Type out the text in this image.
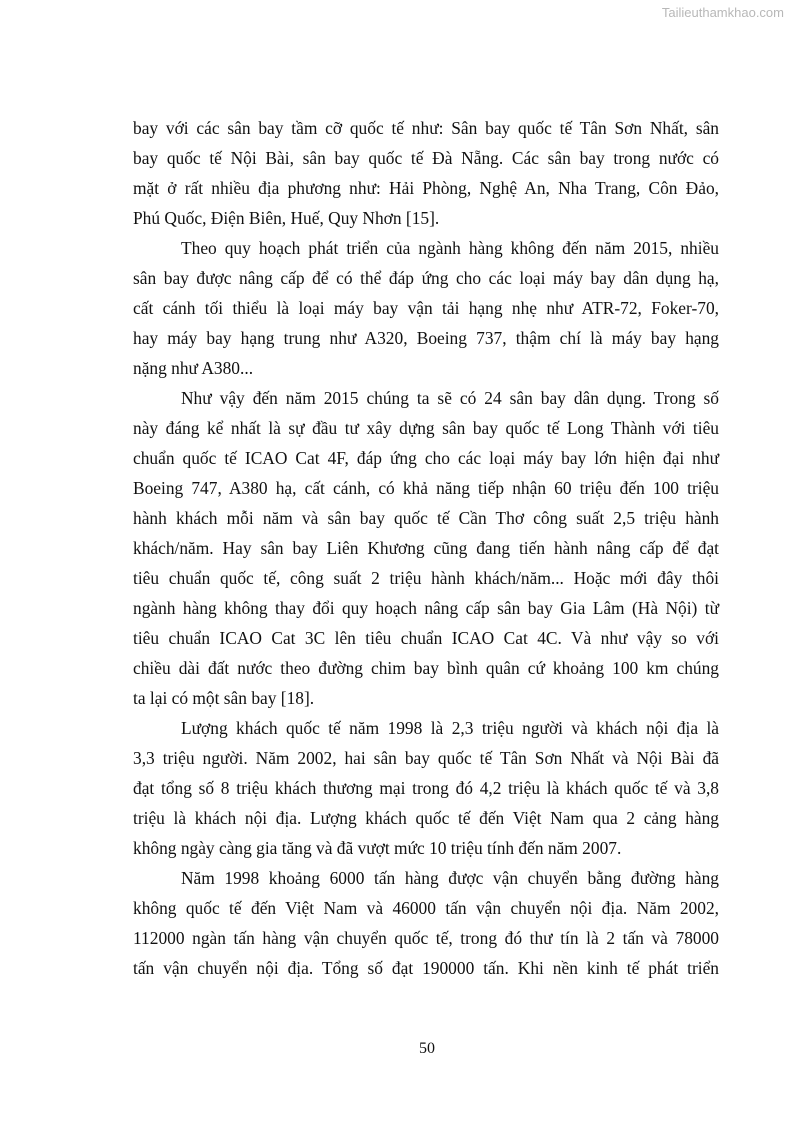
Tailieuthamkhao.com
bay với các sân bay tầm cỡ quốc tế như: Sân bay quốc tế Tân Sơn Nhất, sân
bay quốc tế Nội Bài, sân bay quốc tế Đà Nẵng. Các sân bay trong nước có
mặt ở rất nhiều địa phương như: Hải Phòng, Nghệ An, Nha Trang, Côn Đảo,
Phú Quốc, Điện Biên, Huế, Quy Nhơn [15].
Theo quy hoạch phát triển của ngành hàng không đến năm 2015, nhiều
sân bay được nâng cấp để có thể đáp ứng cho các loại máy bay dân dụng hạ,
cất cánh tối thiểu là loại máy bay vận tải hạng nhẹ như ATR-72, Foker-70,
hay máy bay hạng trung như A320, Boeing 737, thậm chí là máy bay hạng
nặng như A380...
Như vậy đến năm 2015 chúng ta sẽ có 24 sân bay dân dụng. Trong số
này đáng kể nhất là sự đầu tư xây dựng sân bay quốc tế Long Thành với tiêu
chuẩn quốc tế ICAO Cat 4F, đáp ứng cho các loại máy bay lớn hiện đại như
Boeing 747, A380 hạ, cất cánh, có khả năng tiếp nhận 60 triệu đến 100 triệu
hành khách mỗi năm và sân bay quốc tế Cần Thơ công suất 2,5 triệu hành
khách/năm. Hay sân bay Liên Khương cũng đang tiến hành nâng cấp để đạt
tiêu chuẩn quốc tế, công suất 2 triệu hành khách/năm... Hoặc mới đây thôi
ngành hàng không thay đổi quy hoạch nâng cấp sân bay Gia Lâm (Hà Nội) từ
tiêu chuẩn ICAO Cat 3C lên tiêu chuẩn ICAO Cat 4C. Và như vậy so với
chiều dài đất nước theo đường chim bay bình quân cứ khoảng 100 km chúng
ta lại có một sân bay [18].
Lượng khách quốc tế năm 1998 là 2,3 triệu người và khách nội địa là
3,3 triệu người. Năm 2002, hai sân bay quốc tế Tân Sơn Nhất và Nội Bài đã
đạt tổng số 8 triệu khách thương mại trong đó 4,2 triệu là khách quốc tế và 3,8
triệu là khách nội địa. Lượng khách quốc tế đến Việt Nam qua 2 cảng hàng
không ngày càng gia tăng và đã vượt mức 10 triệu tính đến năm 2007.
Năm 1998 khoảng 6000 tấn hàng được vận chuyển bằng đường hàng
không quốc tế đến Việt Nam và 46000 tấn vận chuyển nội địa. Năm 2002,
112000 ngàn tấn hàng vận chuyển quốc tế, trong đó thư tín là 2 tấn và 78000
tấn vận chuyển nội địa. Tổng số đạt 190000 tấn. Khi nền kinh tế phát triển
50
